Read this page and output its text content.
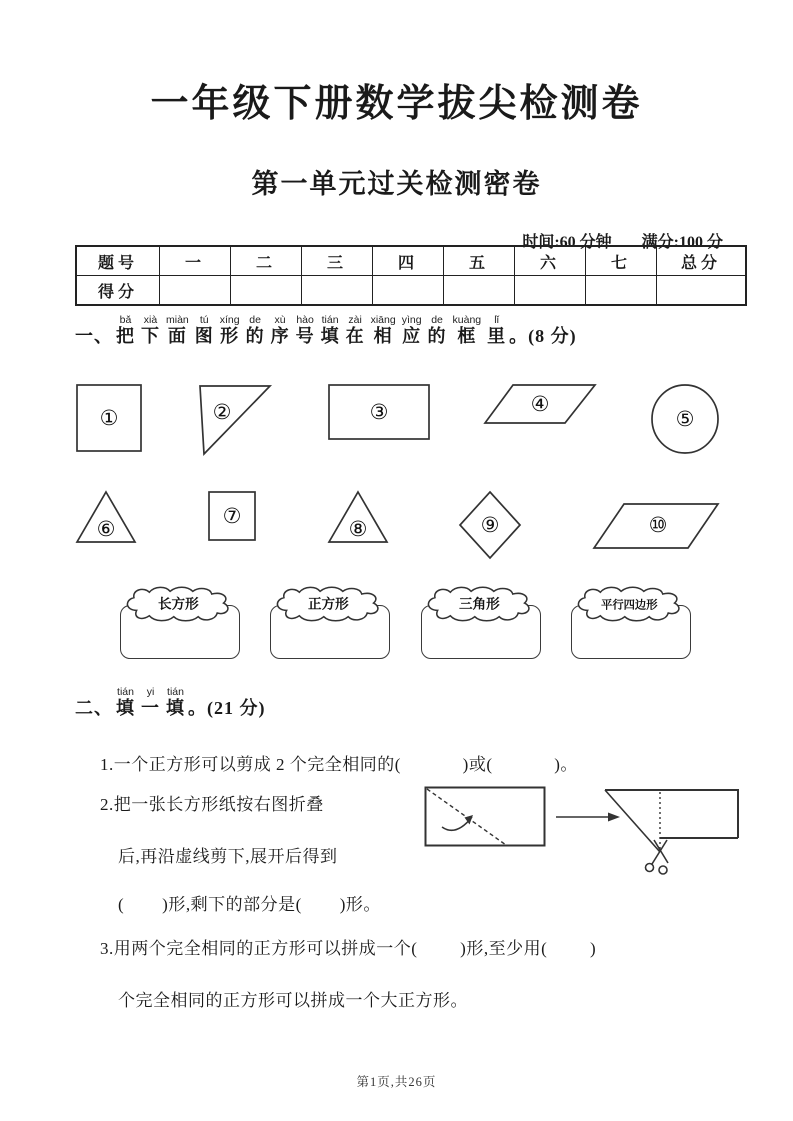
一年级下册数学拔尖检测卷
第一单元过关检测密卷

时间:60 分钟 满分:100 分

题号	一	二	三	四	五	六	七	总分
得分								
一、 把bǎ下xià面miàn图tú形xíng的de序xù号hào填tián在zài相xiāng应yìng的de框kuàng里lǐ。(8 分)
①	②	③	④
⑤
⑥
⑦
⑧	⑨	⑩
长方形	正方形	三角形	平行四边形
二、 填tián一yi填tián。(21 分)
1.一个正方形可以剪成 2 个完全相同的(             )或(             )。
2.把一张长方形纸按右图折叠
后,再沿虚线剪下,展开后得到
(        )形,剩下的部分是(        )形。
3.用两个完全相同的正方形可以拼成一个(         )形,至少用(         )
个完全相同的正方形可以拼成一个大正方形。
第1页,共26页
